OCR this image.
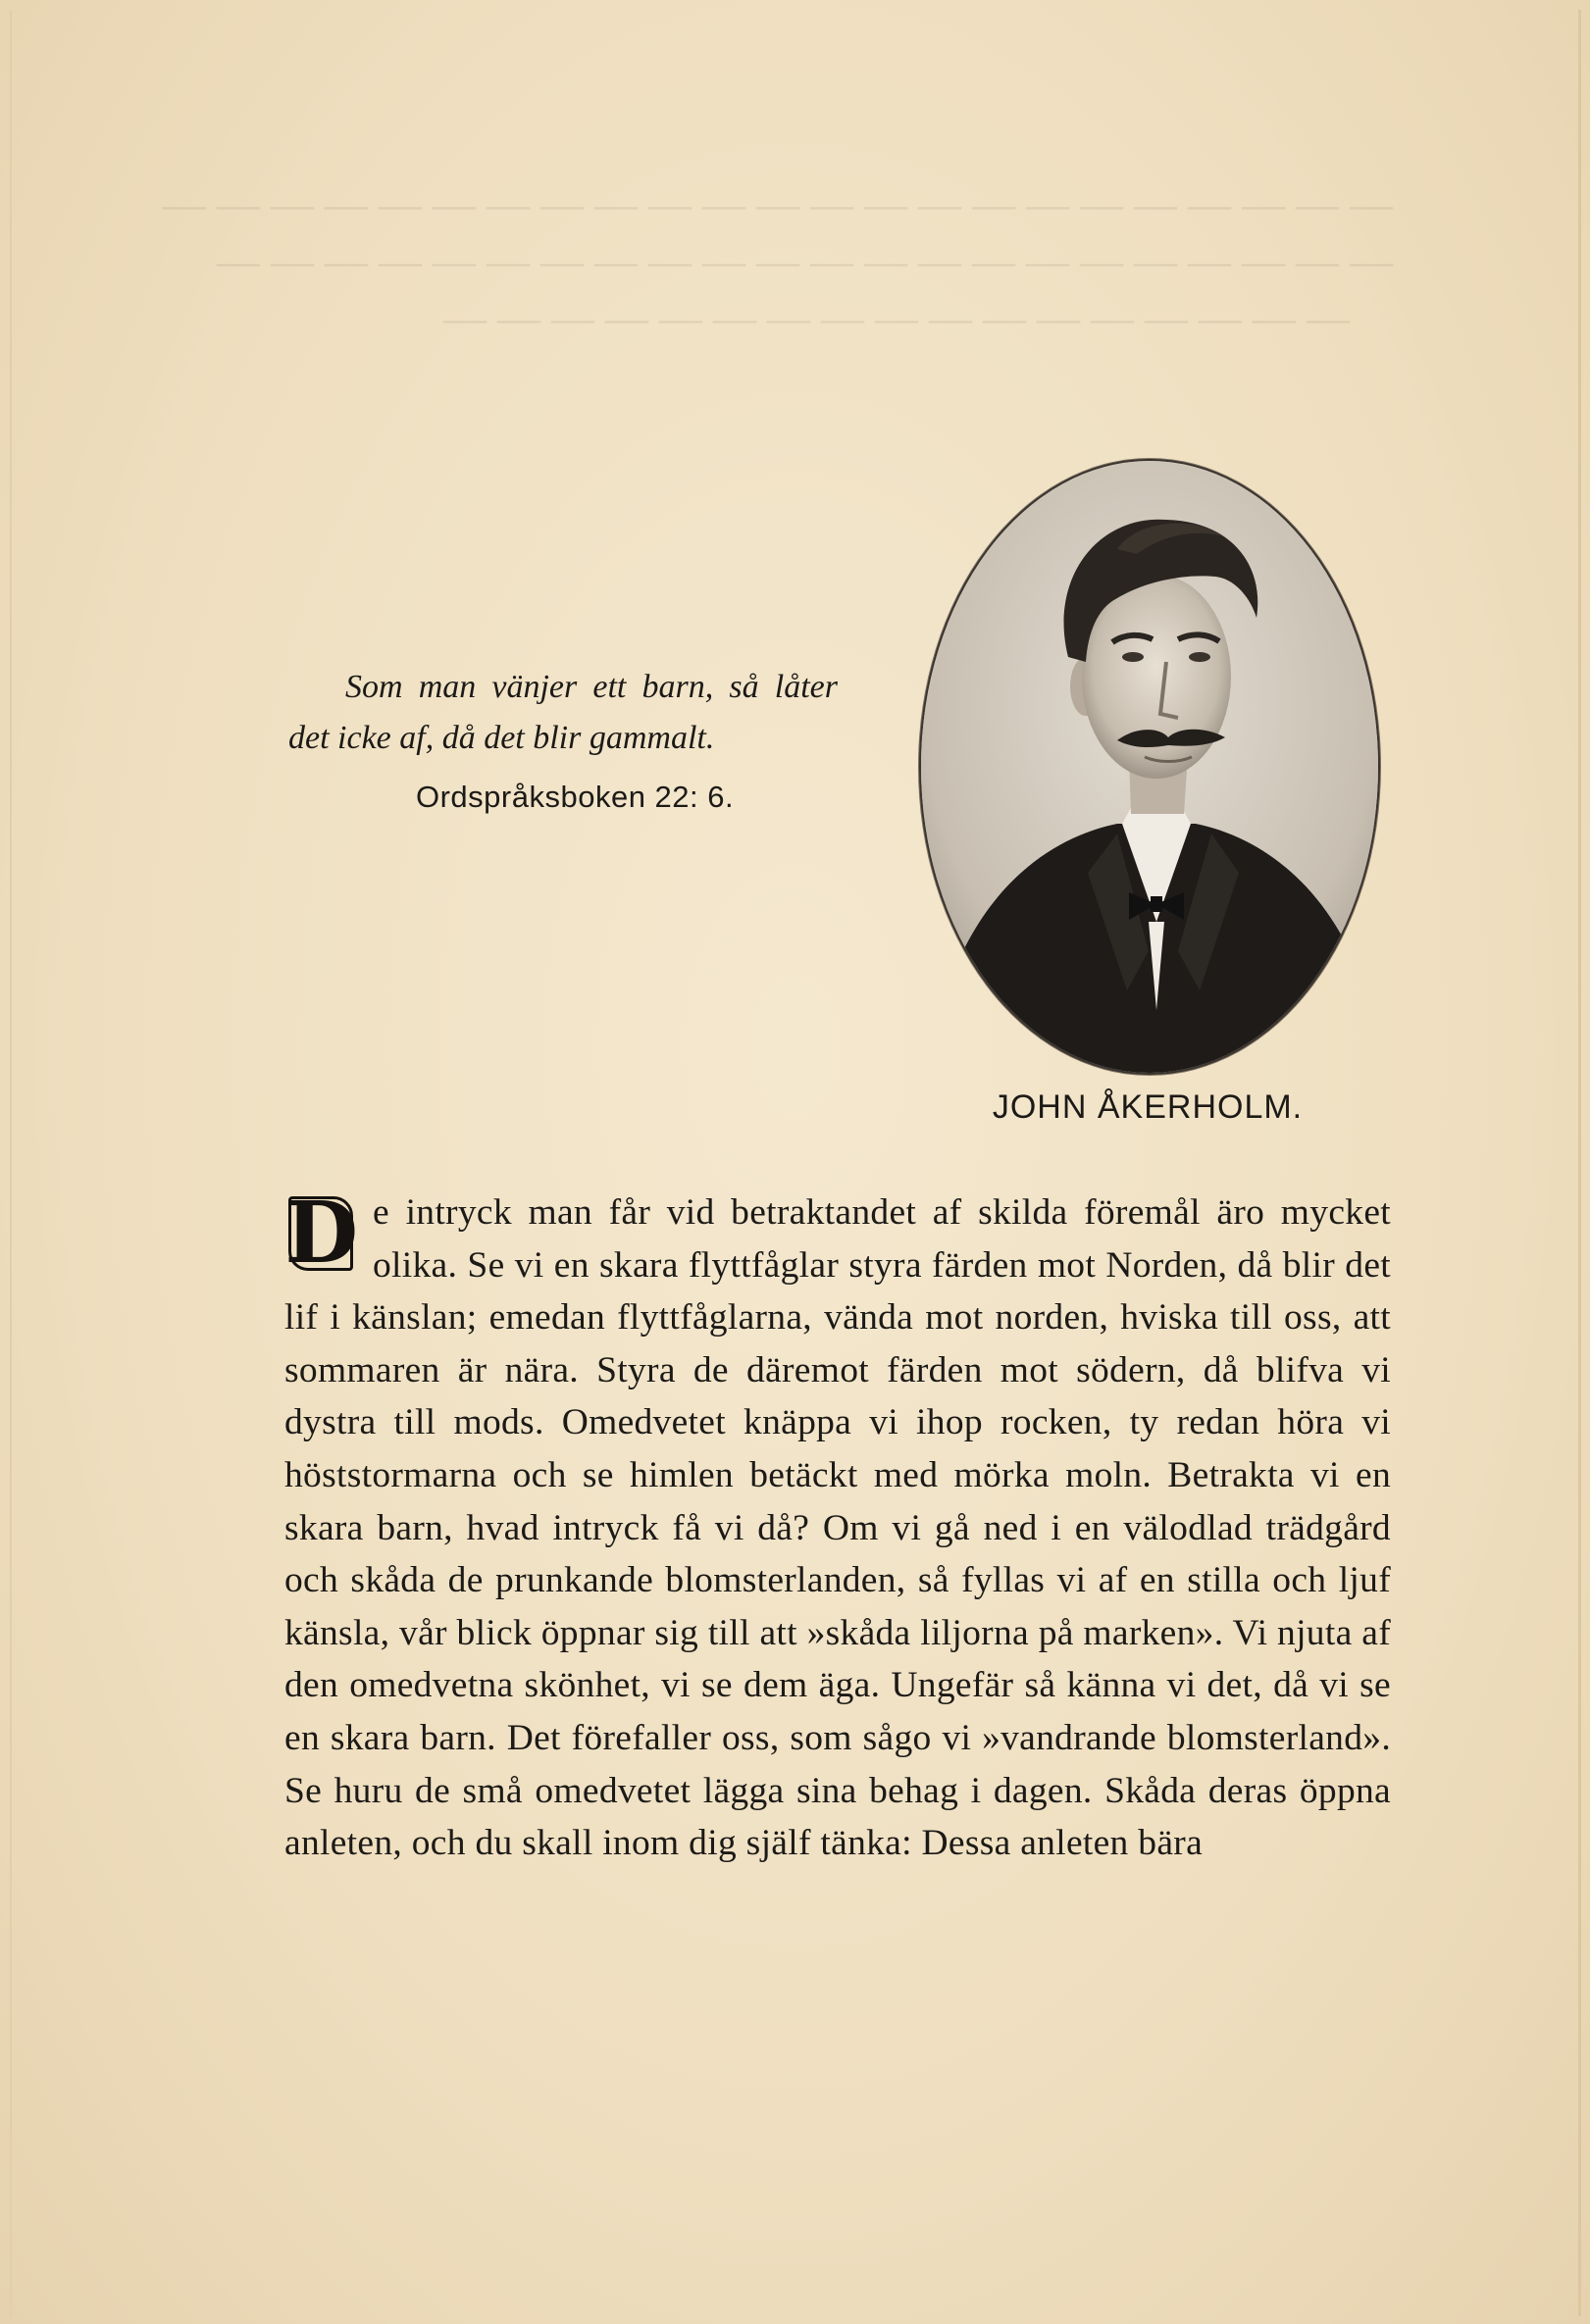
— — — — — — — — — — — — — — — — — — — — — — —
— — — — — — — — — — — — — — — — — — — — — —
— — — — — — — — — — — — — — — — —

Som man vänjer ett barn, så låter det icke af, då det blir gammalt.

Ordspråksboken 22: 6.
JOHN ÅKERHOLM.
D e intryck man får vid betraktandet af skilda föremål äro mycket olika. Se vi en skara flyttfåglar styra färden mot Norden, då blir det lif i känslan; emedan flyttfåglarna, vända mot norden, hviska till oss, att sommaren är nära. Styra de däremot färden mot södern, då blifva vi dystra till mods. Omedvetet knäppa vi ihop rocken, ty redan höra vi höststormarna och se himlen betäckt med mörka moln. Betrakta vi en skara barn, hvad intryck få vi då? Om vi gå ned i en välodlad trädgård och skåda de prunkande blomsterlanden, så fyllas vi af en stilla och ljuf känsla, vår blick öppnar sig till att »skåda liljorna på marken». Vi njuta af den omedvetna skönhet, vi se dem äga. Ungefär så känna vi det, då vi se en skara barn. Det förefaller oss, som sågo vi »vandrande blomsterland». Se huru de små omedvetet lägga sina behag i dagen. Skåda deras öppna anleten, och du skall inom dig själf tänka: Dessa anleten bära
